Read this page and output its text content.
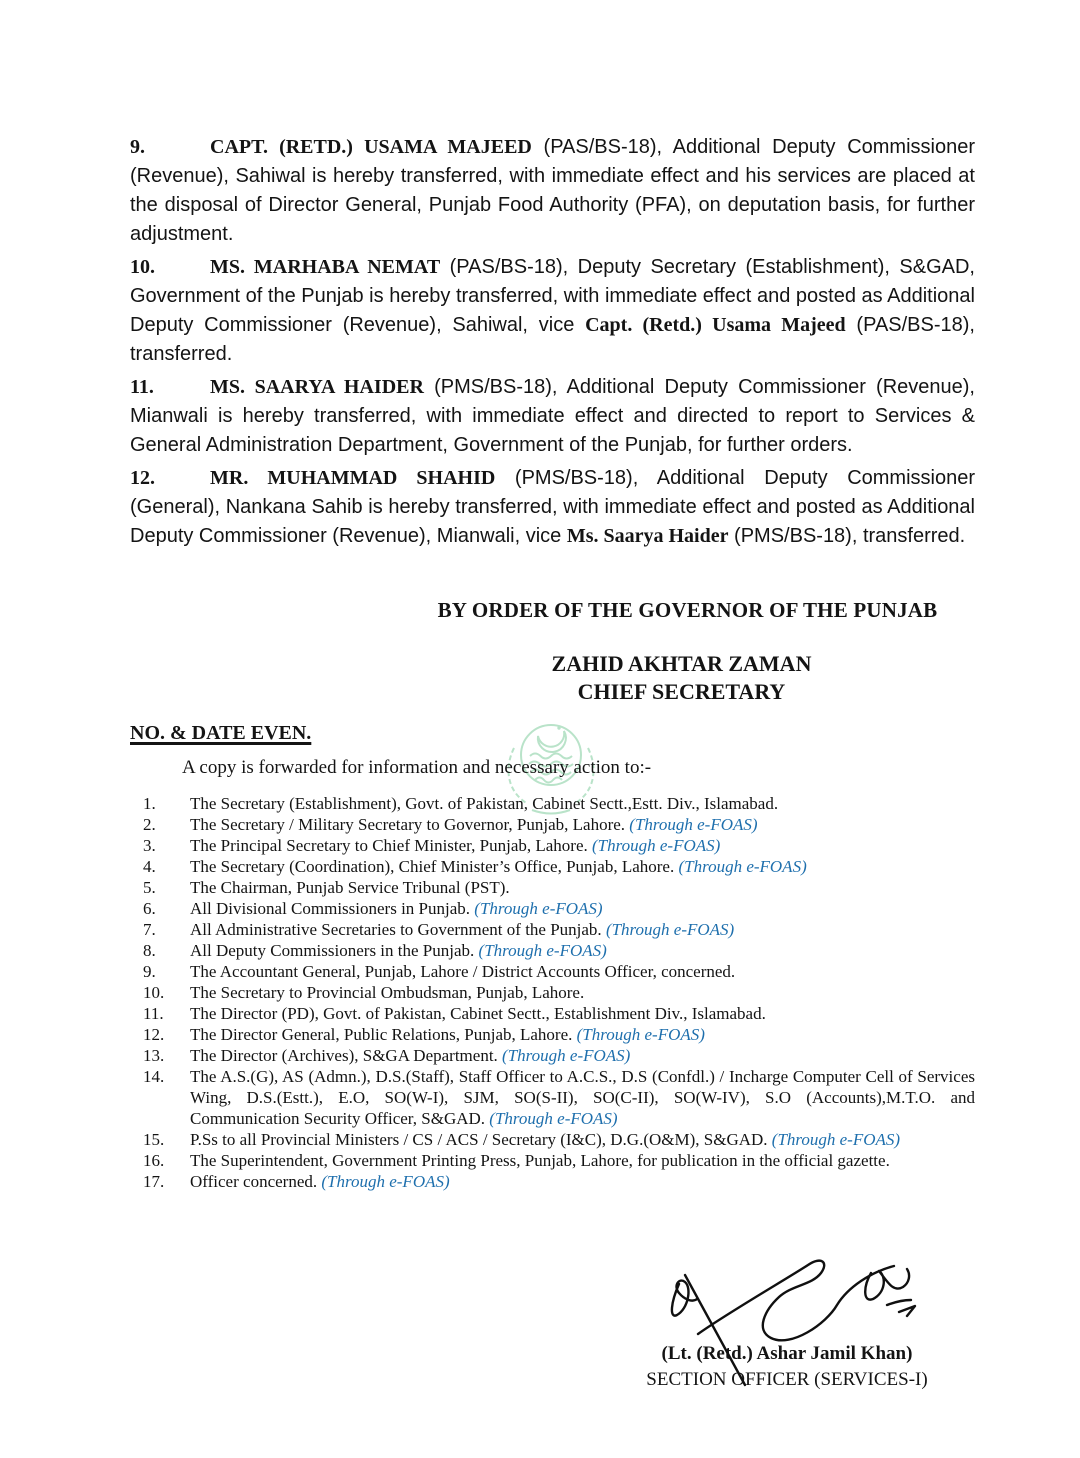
9.	CAPT. (RETD.) USAMA MAJEED (PAS/BS-18), Additional Deputy Commissioner (Revenue), Sahiwal is hereby transferred, with immediate effect and his services are placed at the disposal of Director General, Punjab Food Authority (PFA), on deputation basis, for further adjustment.

10.	MS. MARHABA NEMAT (PAS/BS-18), Deputy Secretary (Establishment), S&GAD, Government of the Punjab is hereby transferred, with immediate effect and posted as Additional Deputy Commissioner (Revenue), Sahiwal, vice Capt. (Retd.) Usama Majeed (PAS/BS-18), transferred.

11.	MS. SAARYA HAIDER (PMS/BS-18), Additional Deputy Commissioner (Revenue), Mianwali is hereby transferred, with immediate effect and directed to report to Services & General Administration Department, Government of the Punjab, for further orders.

12.	MR. MUHAMMAD SHAHID (PMS/BS-18), Additional Deputy Commissioner (General), Nankana Sahib is hereby transferred, with immediate effect and posted as Additional Deputy Commissioner (Revenue), Mianwali, vice Ms. Saarya Haider (PMS/BS-18), transferred.

BY ORDER OF THE GOVERNOR OF THE PUNJAB
ZAHID AKHTAR ZAMAN
CHIEF SECRETARY
NO. & DATE EVEN.
A copy is forwarded for information and necessary action to:-
1.	The Secretary (Establishment), Govt. of Pakistan, Cabinet Sectt.,Estt. Div., Islamabad.
2.	The Secretary / Military Secretary to Governor, Punjab, Lahore. (Through e-FOAS)
3.	The Principal Secretary to Chief Minister, Punjab, Lahore. (Through e-FOAS)
4.	The Secretary (Coordination), Chief Minister’s Office, Punjab, Lahore. (Through e-FOAS)
5.	The Chairman, Punjab Service Tribunal (PST).
6.	All Divisional Commissioners in Punjab. (Through e-FOAS)
7.	All Administrative Secretaries to Government of the Punjab. (Through e-FOAS)
8.	All Deputy Commissioners in the Punjab. (Through e-FOAS)
9.	The Accountant General, Punjab, Lahore / District Accounts Officer, concerned.
10.	The Secretary to Provincial Ombudsman, Punjab, Lahore.
11.	The Director (PD), Govt. of Pakistan, Cabinet Sectt., Establishment Div., Islamabad.
12.	The Director General, Public Relations, Punjab, Lahore. (Through e-FOAS)
13.	The Director (Archives), S&GA Department. (Through e-FOAS)
14.	The A.S.(G), AS (Admn.), D.S.(Staff), Staff Officer to A.C.S., D.S (Confdl.) / Incharge Computer Cell of Services Wing, D.S.(Estt.), E.O, SO(W-I), SJM, SO(S-II), SO(C-II), SO(W-IV), S.O (Accounts),M.T.O. and Communication Security Officer, S&GAD. (Through e-FOAS)
15.	P.Ss to all Provincial Ministers / CS / ACS / Secretary (I&C), D.G.(O&M), S&GAD. (Through e-FOAS)
16.	The Superintendent, Government Printing Press, Punjab, Lahore, for publication in the official gazette.
17.	Officer concerned. (Through e-FOAS)
(Lt. (Retd.) Ashar Jamil Khan)
SECTION OFFICER (SERVICES-I)
